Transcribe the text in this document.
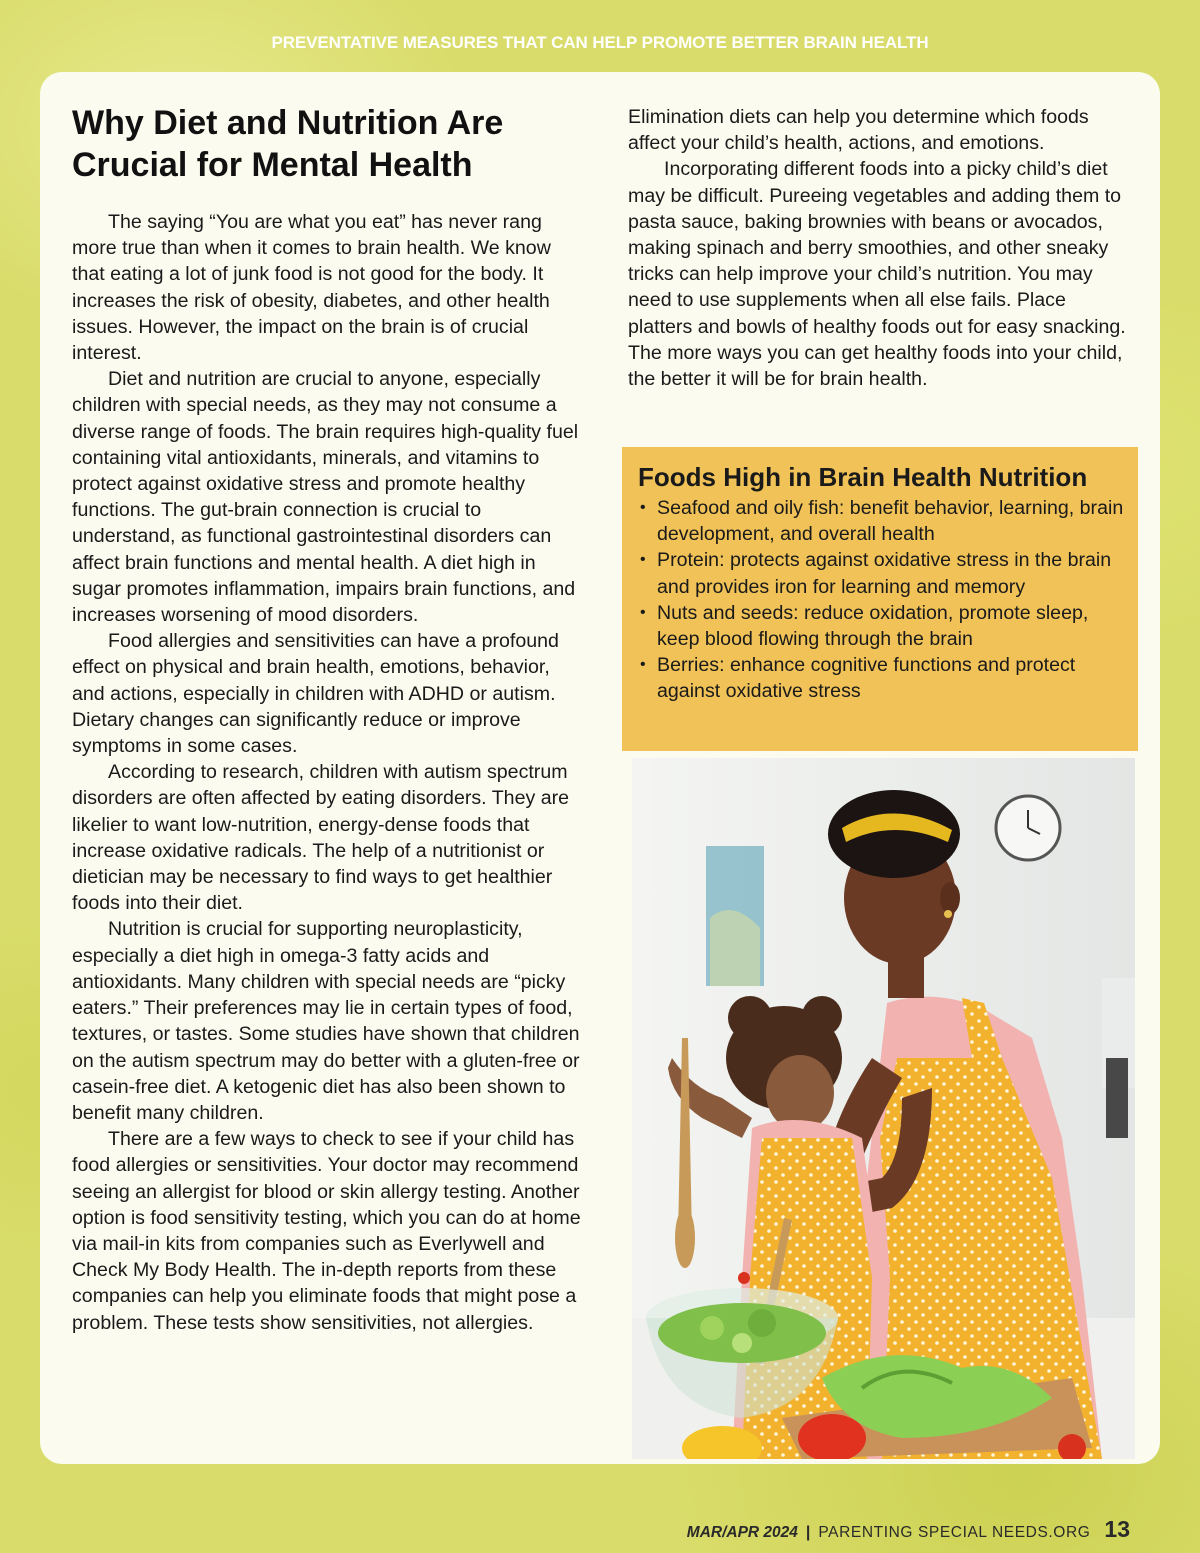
PREVENTATIVE MEASURES THAT CAN HELP PROMOTE BETTER BRAIN HEALTH
Why Diet and Nutrition Are Crucial for Mental Health

The saying “You are what you eat” has never rang more true than when it comes to brain health. We know that eating a lot of junk food is not good for the body. It increases the risk of obesity, diabetes, and other health issues. However, the impact on the brain is of crucial interest.

Diet and nutrition are crucial to anyone, especially children with special needs, as they may not consume a diverse range of foods. The brain requires high-quality fuel containing vital antioxidants, minerals, and vitamins to protect against oxidative stress and promote healthy functions. The gut-brain connection is crucial to understand, as functional gastrointestinal disorders can affect brain functions and mental health. A diet high in sugar promotes inflammation, impairs brain functions, and increases worsening of mood disorders.

Food allergies and sensitivities can have a profound effect on physical and brain health, emotions, behavior, and actions, especially in children with ADHD or autism. Dietary changes can significantly reduce or improve symptoms in some cases.

According to research, children with autism spectrum disorders are often affected by eating disorders. They are likelier to want low-nutrition, energy-dense foods that increase oxidative radicals. The help of a nutritionist or dietician may be necessary to find ways to get healthier foods into their diet.

Nutrition is crucial for supporting neuroplasticity, especially a diet high in omega-3 fatty acids and antioxidants. Many children with special needs are “picky eaters.” Their preferences may lie in certain types of food, textures, or tastes. Some studies have shown that children on the autism spectrum may do better with a gluten-free or casein-free diet. A ketogenic diet has also been shown to benefit many children.

There are a few ways to check to see if your child has food allergies or sensitivities. Your doctor may recommend seeing an allergist for blood or skin allergy testing. Another option is food sensitivity testing, which you can do at home via mail-in kits from companies such as Everlywell and Check My Body Health. The in-depth reports from these companies can help you eliminate foods that might pose a problem. These tests show sensitivities, not allergies.

Elimination diets can help you determine which foods affect your child’s health, actions, and emotions.

Incorporating different foods into a picky child’s diet may be difficult. Pureeing vegetables and adding them to pasta sauce, baking brownies with beans or avocados, making spinach and berry smoothies, and other sneaky tricks can help improve your child’s nutrition. You may need to use supplements when all else fails. Place platters and bowls of healthy foods out for easy snacking. The more ways you can get healthy foods into your child, the better it will be for brain health.

Foods High in Brain Health Nutrition
• Seafood and oily fish: benefit behavior, learning, brain development, and overall health
• Protein: protects against oxidative stress in the brain and provides iron for learning and memory
• Nuts and seeds: reduce oxidation, promote sleep, keep blood flowing through the brain
• Berries: enhance cognitive functions and protect against oxidative stress
MAR/APR 2024 | PARENTING SPECIAL NEEDS.ORG 13
